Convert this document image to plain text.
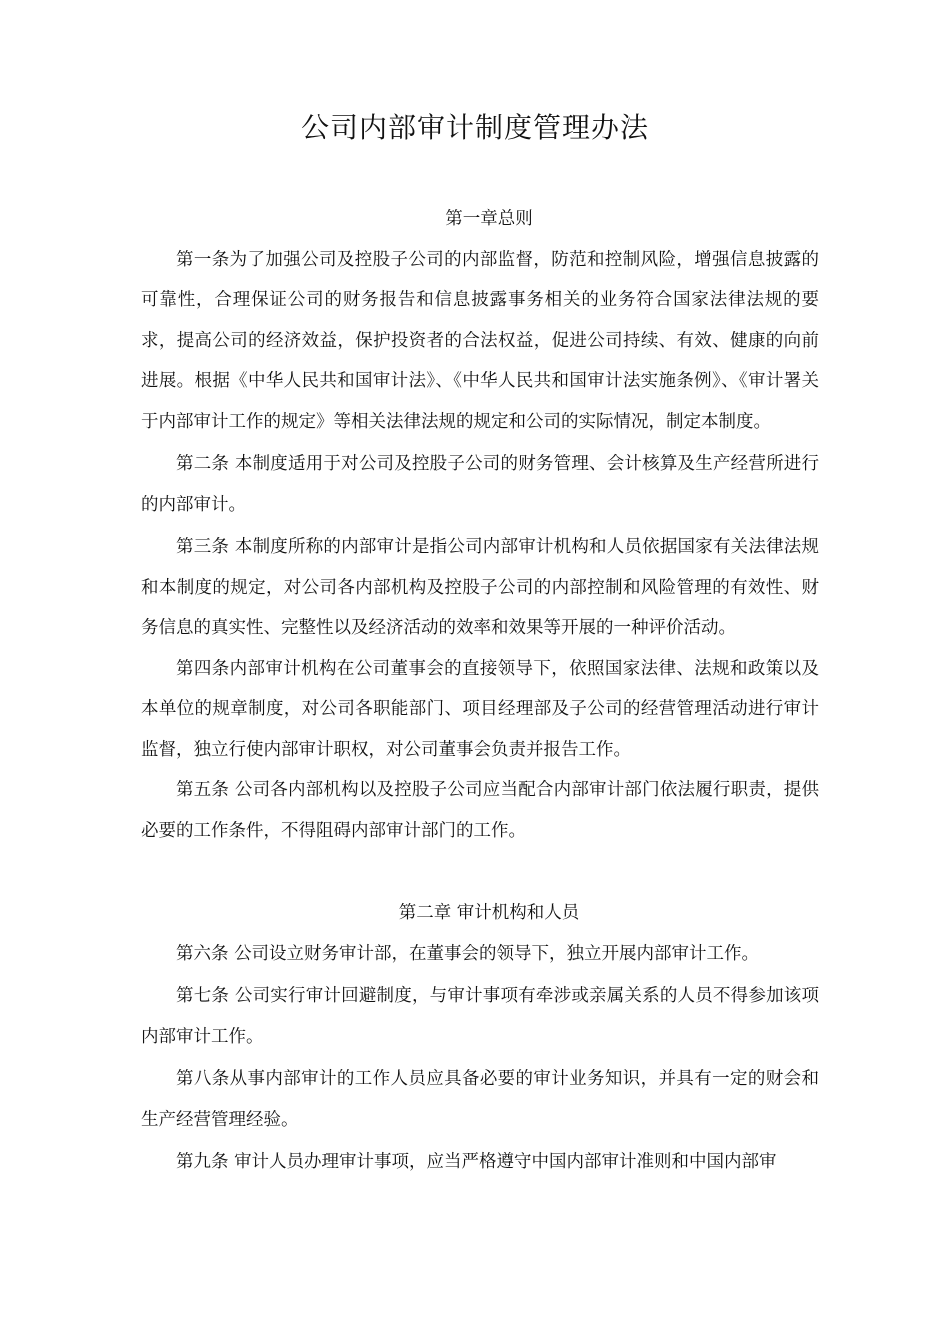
公司内部审计制度管理办法

第一章总则

第一条为了加强公司及控股子公司的内部监督，防范和控制风险，增强信息披露的可靠性，合理保证公司的财务报告和信息披露事务相关的业务符合国家法律法规的要求，提高公司的经济效益，保护投资者的合法权益，促进公司持续、有效、健康的向前进展。根据《中华人民共和国审计法》、《中华人民共和国审计法实施条例》、《审计署关于内部审计工作的规定》等相关法律法规的规定和公司的实际情况，制定本制度。

第二条 本制度适用于对公司及控股子公司的财务管理、会计核算及生产经营所进行的内部审计。

第三条 本制度所称的内部审计是指公司内部审计机构和人员依据国家有关法律法规和本制度的规定，对公司各内部机构及控股子公司的内部控制和风险管理的有效性、财务信息的真实性、完整性以及经济活动的效率和效果等开展的一种评价活动。

第四条内部审计机构在公司董事会的直接领导下，依照国家法律、法规和政策以及本单位的规章制度，对公司各职能部门、项目经理部及子公司的经营管理活动进行审计监督，独立行使内部审计职权，对公司董事会负责并报告工作。

第五条 公司各内部机构以及控股子公司应当配合内部审计部门依法履行职责，提供必要的工作条件，不得阻碍内部审计部门的工作。

第二章 审计机构和人员

第六条 公司设立财务审计部，在董事会的领导下，独立开展内部审计工作。

第七条 公司实行审计回避制度，与审计事项有牵涉或亲属关系的人员不得参加该项内部审计工作。

第八条从事内部审计的工作人员应具备必要的审计业务知识，并具有一定的财会和生产经营管理经验。

第九条 审计人员办理审计事项，应当严格遵守中国内部审计准则和中国内部审
